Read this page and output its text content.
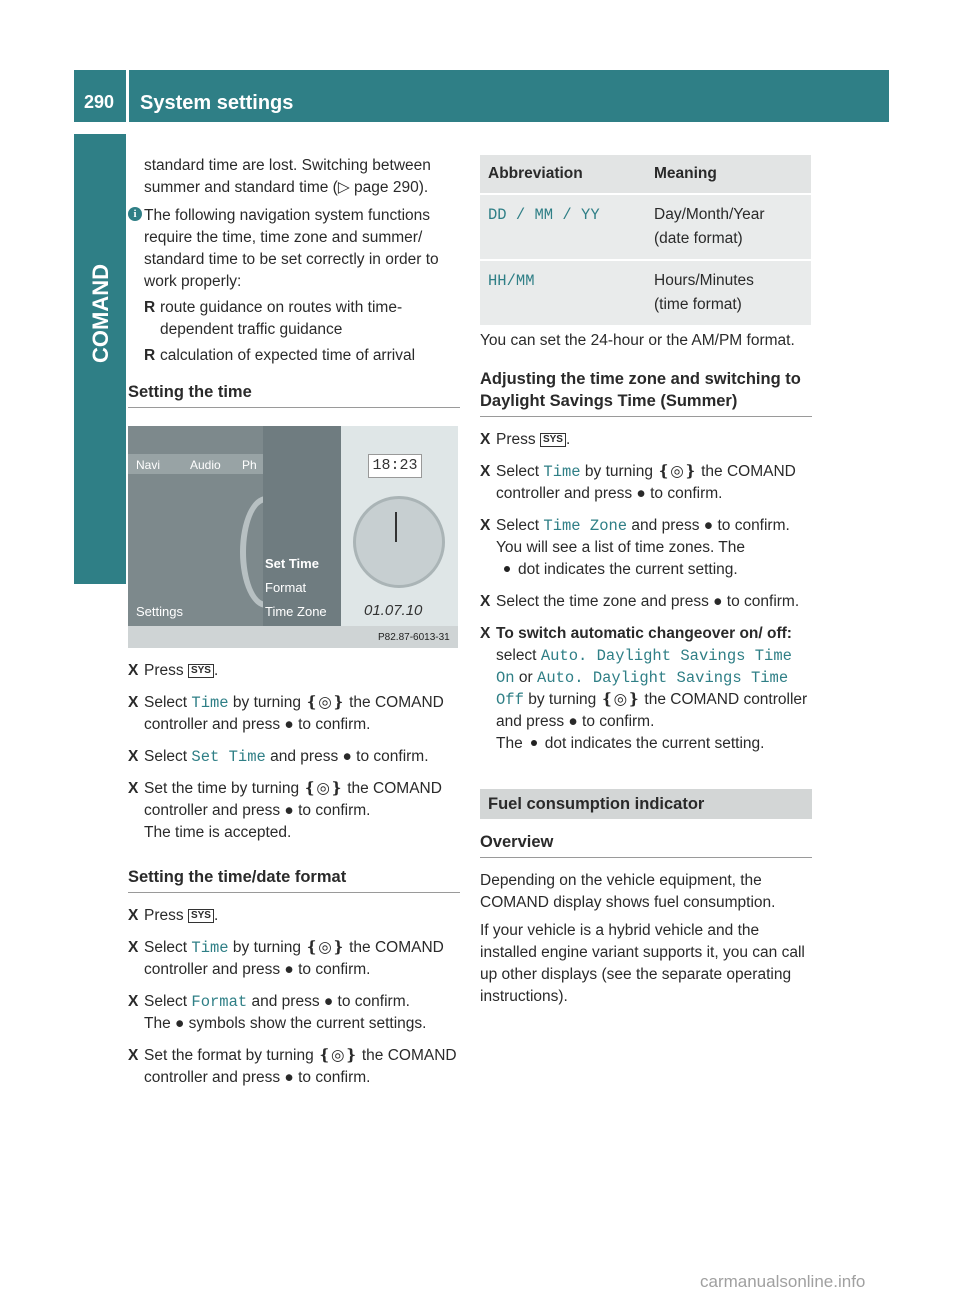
290 System settings
COMAND

standard time are lost. Switching between summer and standard time (▷ page 290).

i The following navigation system functions require the time, time zone and summer/ standard time to be set correctly in order to work properly:
R route guidance on routes with time-dependent traffic guidance
R calculation of expected time of arrival
Setting the time
Navi Audio Ph
Set Time
Format
Time Zone
Settings
18:23
01.07.10
P82.87-6013-31
X Press SYS .
X Select Time by turning ❴◎❵ the COMAND controller and press ● to confirm.
X Select Set Time and press ● to confirm.
X Set the time by turning ❴◎❵ the COMAND controller and press ● to confirm.
The time is accepted.
Setting the time/date format
X Press SYS .
X Select Time by turning ❴◎❵ the COMAND controller and press ● to confirm.
X Select Format and press ● to confirm.
The ● symbols show the current settings.
X Set the format by turning ❴◎❵ the COMAND controller and press ● to confirm.
Abbreviation	Meaning
DD / MM / YY	Day/Month/Year
(date format)
HH/MM	Hours/Minutes
(time format)

You can set the 24-hour or the AM/PM format.

Adjusting the time zone and switching to Daylight Savings Time (Summer)
X Press SYS .
X Select Time by turning ❴◎❵ the COMAND controller and press ● to confirm.
X Select Time Zone and press ● to confirm. You will see a list of time zones. The
dot indicates the current setting.
X Select the time zone and press ● to confirm.
X To switch automatic changeover on/ off: select Auto. Daylight Savings Time On or Auto. Daylight Savings Time Off by turning ❴◎❵ the COMAND controller and press ● to confirm.
The dot indicates the current setting.
Fuel consumption indicator
Overview

Depending on the vehicle equipment, the COMAND display shows fuel consumption.

If your vehicle is a hybrid vehicle and the installed engine variant supports it, you can call up other displays (see the separate operating instructions).

carmanualsonline.info
